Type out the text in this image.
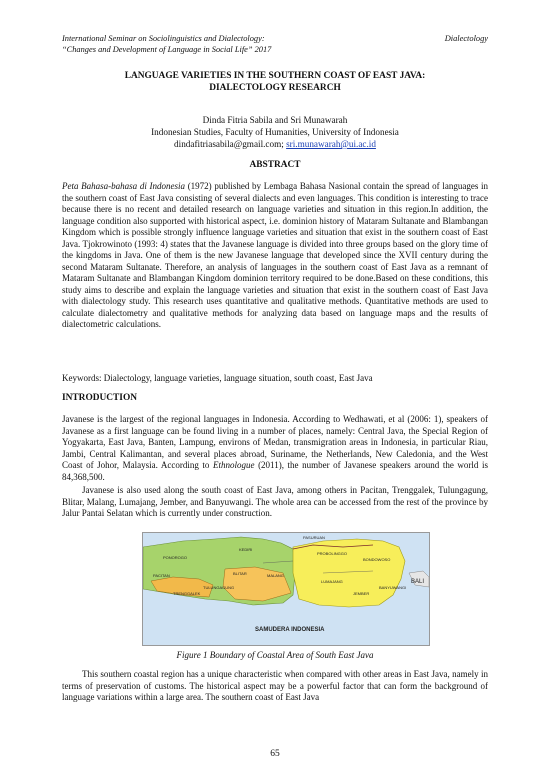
International Seminar on Sociolinguistics and Dialectology:
“Changes and Development of Language in Social Life” 2017
Dialectology
LANGUAGE VARIETIES IN THE SOUTHERN COAST OF EAST JAVA:
DIALECTOLOGY RESEARCH
Dinda Fitria Sabila and Sri Munawarah
Indonesian Studies, Faculty of Humanities, University of Indonesia
dindafitriasabila@gmail.com; sri.munawarah@ui.ac.id
ABSTRACT
Peta Bahasa-bahasa di Indonesia (1972) published by Lembaga Bahasa Nasional contain the spread of languages in the southern coast of East Java consisting of several dialects and even languages. This condition is interesting to trace because there is no recent and detailed research on language varieties and situation in this region.In addition, the language condition also supported with historical aspect, i.e. dominion history of Mataram Sultanate and Blambangan Kingdom which is possible strongly influence language varieties and situation that exist in the southern coast of East Java. Tjokrowinoto (1993: 4) states that the Javanese language is divided into three groups based on the glory time of the kingdoms in Java. One of them is the new Javanese language that developed since the XVII century during the second Mataram Sultanate. Therefore, an analysis of languages in the southern coast of East Java as a remnant of Mataram Sultanate and Blambangan Kingdom dominion territory required to be done.Based on these conditions, this study aims to describe and explain the language varieties and situation that exist in the southern coast of East Java with dialectology study. This research uses quantitative and qualitative methods. Quantitative methods are used to calculate dialectometry and qualitative methods for analyzing data based on language maps and the results of dialectometric calculations.
Keywords: Dialectology, language varieties, language situation, south coast, East Java
INTRODUCTION
Javanese is the largest of the regional languages in Indonesia. According to Wedhawati, et al (2006: 1), speakers of Javanese as a first language can be found living in a number of places, namely: Central Java, the Special Region of Yogyakarta, East Java, Banten, Lampung, environs of Medan, transmigration areas in Indonesia, in particular Riau, Jambi, Central Kalimantan, and several places abroad, Suriname, the Netherlands, New Caledonia, and the West Coast of Johor, Malaysia. According to Ethnologue (2011), the number of Javanese speakers around the world is 84,368,500.
Javanese is also used along the south coast of East Java, among others in Pacitan, Trenggalek, Tulungagung, Blitar, Malang, Lumajang, Jember, and Banyuwangi. The whole area can be accessed from the rest of the province by Jalur Pantai Selatan which is currently under construction.
PASURUAN
PROBOLINGGO
KEDIRI
PONOROGO	BONDOWOSO
PACITAN	BLITAR	MALANG
LUMAJANG
TULUNGAGUNG
TRENGGALEK	JEMBER
BANYUWANGI
BALI
SAMUDERA INDONESIA
Figure 1 Boundary of Coastal Area of South East Java
This southern coastal region has a unique characteristic when compared with other areas in East Java, namely in terms of preservation of customs. The historical aspect may be a powerful factor that can form the background of language variations within a large area. The southern coast of East Java
65
